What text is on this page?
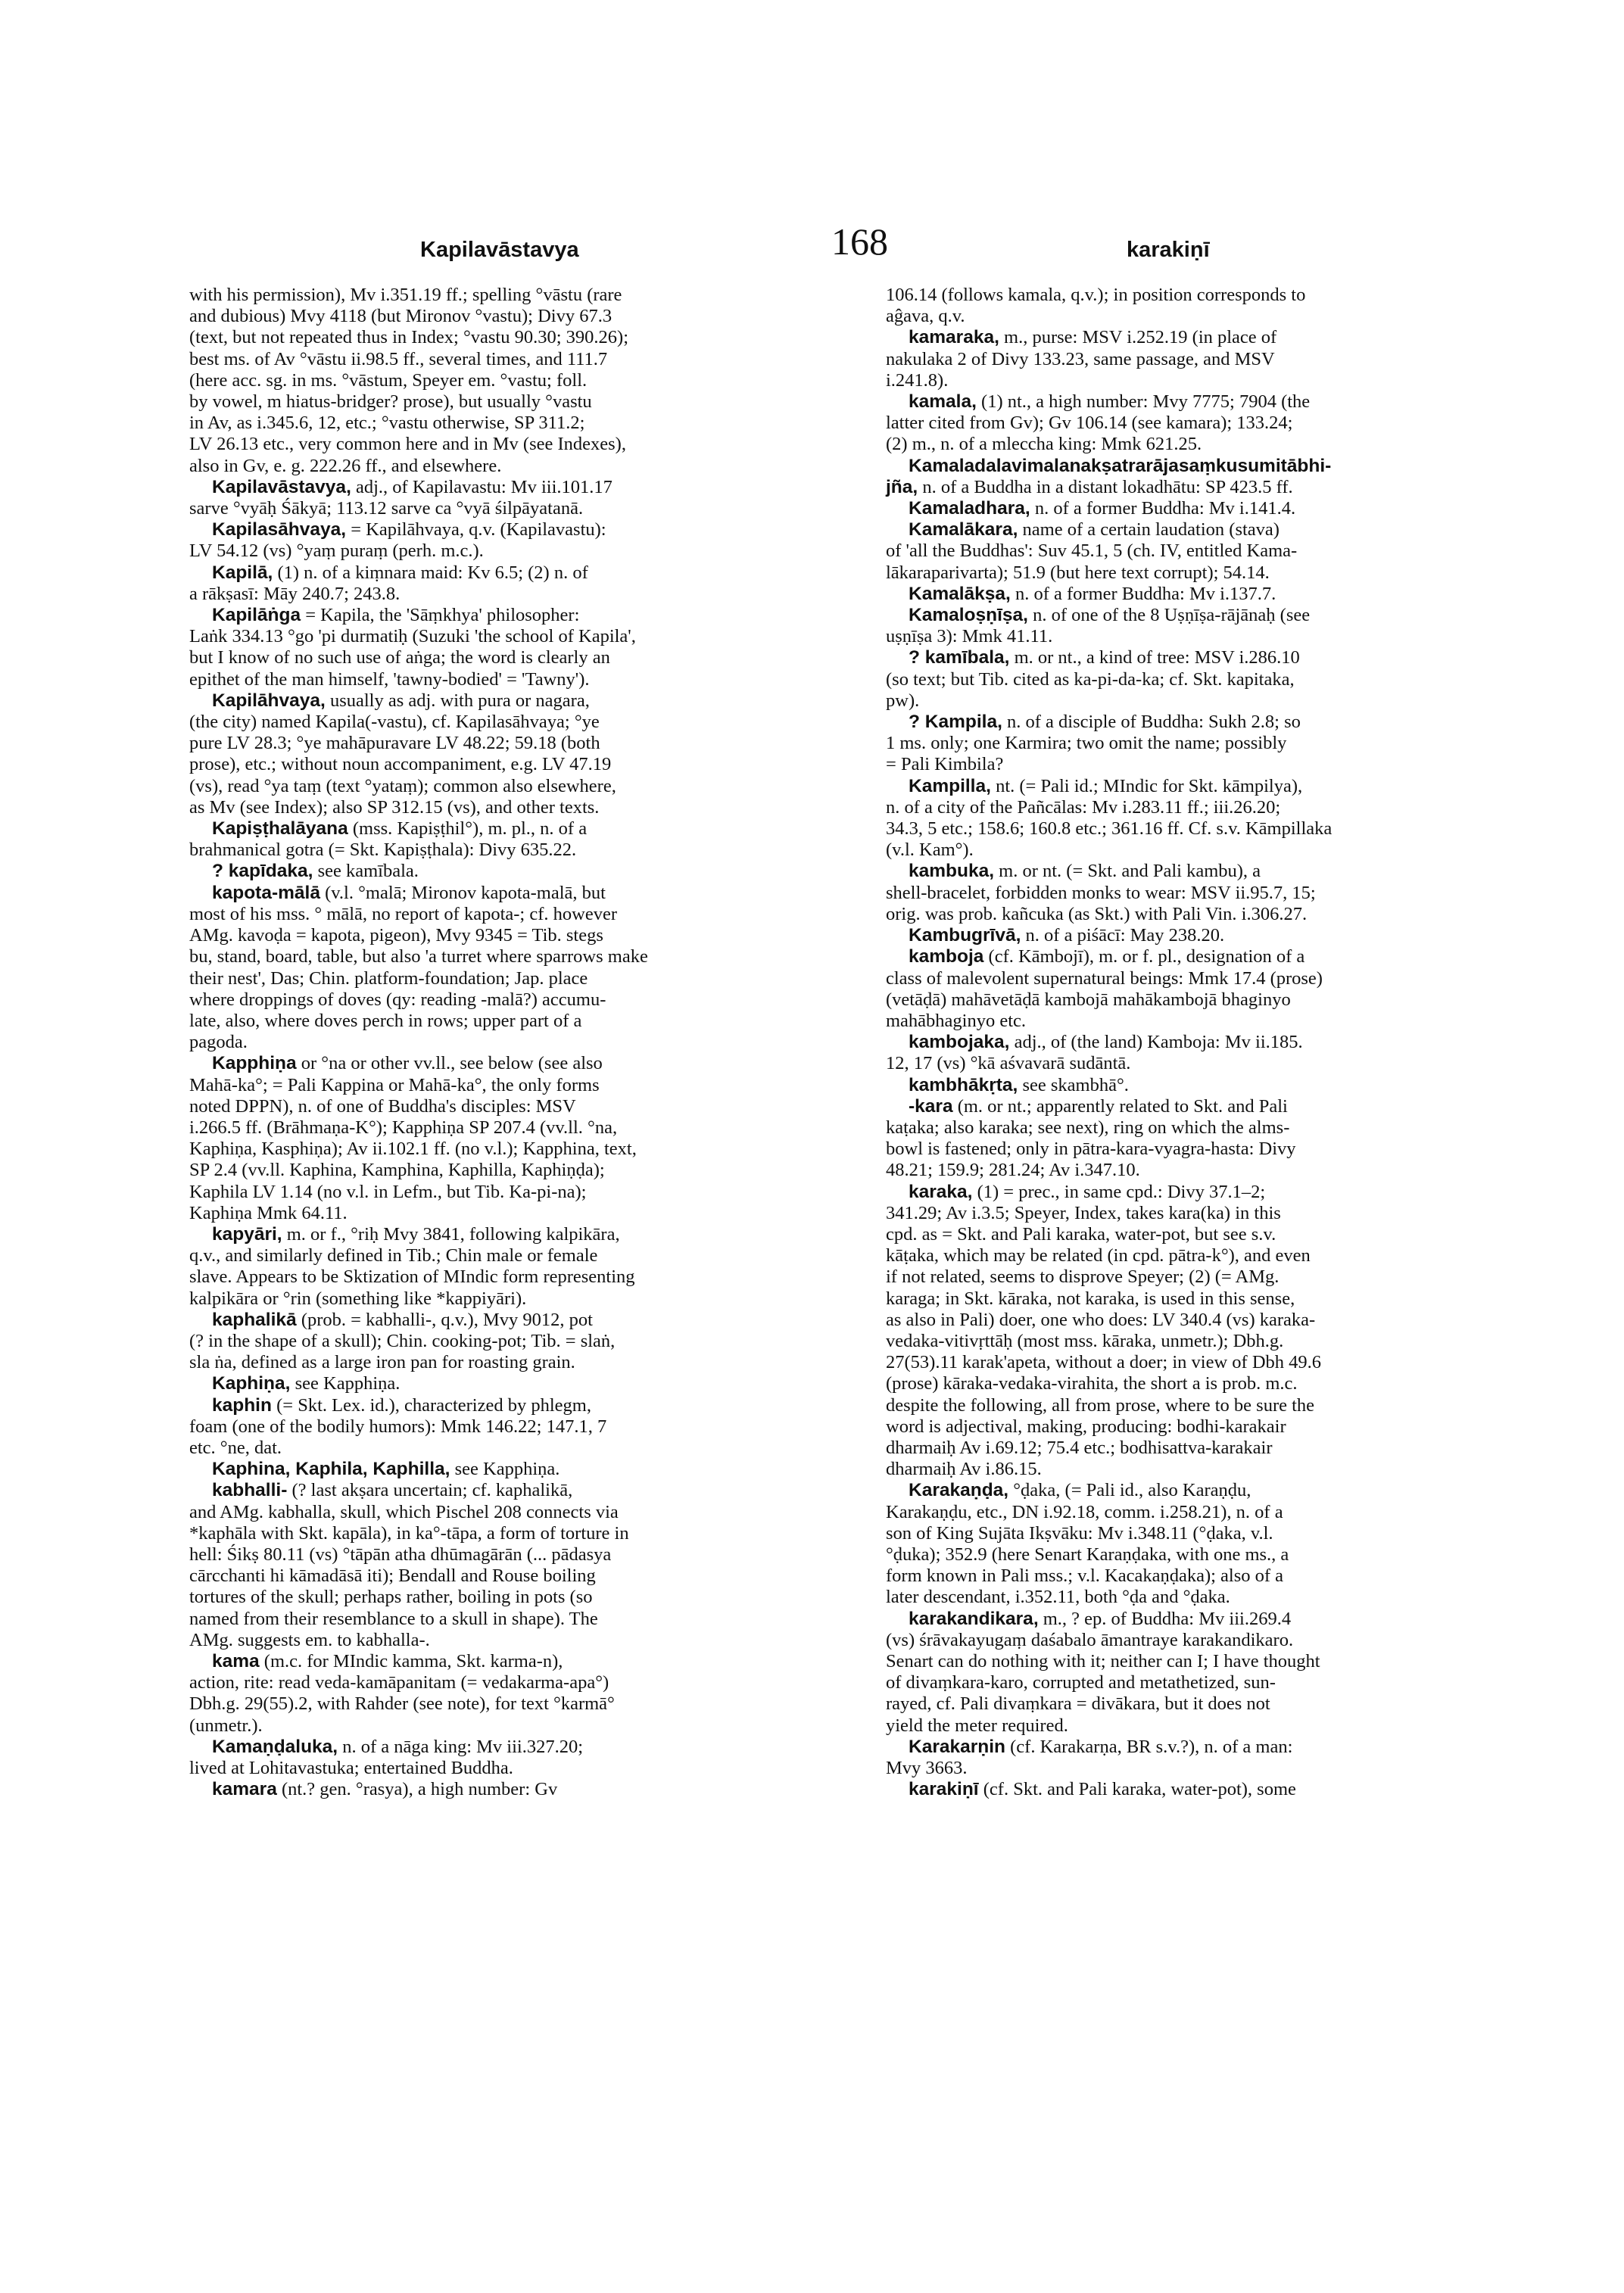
Kapilavāstavya	168	karakiṇī

with his permission), Mv i.351.19 ff.; spelling °vāstu (rare
and dubious) Mvy 4118 (but Mironov °vastu); Divy 67.3
(text, but not repeated thus in Index; °vastu 90.30; 390.26);
best ms. of Av °vāstu ii.98.5 ff., several times, and 111.7
(here acc. sg. in ms. °vāstum, Speyer em. °vastu; foll.
by vowel, m hiatus-bridger? prose), but usually °vastu
in Av, as i.345.6, 12, etc.; °vastu otherwise, SP 311.2;
LV 26.13 etc., very common here and in Mv (see Indexes),
also in Gv, e. g. 222.26 ff., and elsewhere.

Kapilavāstavya, adj., of Kapilavastu: Mv iii.101.17
sarve °vyāḥ Śākyā; 113.12 sarve ca °vyā śilpāyatanā.

Kapilasāhvaya, = Kapilāhvaya, q.v. (Kapilavastu):
LV 54.12 (vs) °yaṃ puraṃ (perh. m.c.).

Kapilā, (1) n. of a kiṃnara maid: Kv 6.5; (2) n. of
a rākṣasī: Māy 240.7; 243.8.

Kapilāṅga = Kapila, the 'Sāṃkhya' philosopher:
Laṅk 334.13 °go 'pi durmatiḥ (Suzuki 'the school of Kapila',
but I know of no such use of aṅga; the word is clearly an
epithet of the man himself, 'tawny-bodied' = 'Tawny').

Kapilāhvaya, usually as adj. with pura or nagara,
(the city) named Kapila(-vastu), cf. Kapilasāhvaya; °ye
pure LV 28.3; °ye mahāpuravare LV 48.22; 59.18 (both
prose), etc.; without noun accompaniment, e.g. LV 47.19
(vs), read °ya taṃ (text °yataṃ); common also elsewhere,
as Mv (see Index); also SP 312.15 (vs), and other texts.

Kapiṣṭhalāyana (mss. Kapiṣṭhil°), m. pl., n. of a
brahmanical gotra (= Skt. Kapiṣṭhala): Divy 635.22.

? kapīdaka, see kamībala.

kapota-mālā (v.l. °malā; Mironov kapota-malā, but
most of his mss. ° mālā, no report of kapota-; cf. however
AMg. kavoḍa = kapota, pigeon), Mvy 9345 = Tib. stegs
bu, stand, board, table, but also 'a turret where sparrows make
their nest', Das; Chin. platform-foundation; Jap. place
where droppings of doves (qy: reading -malā?) accumu-
late, also, where doves perch in rows; upper part of a
pagoda.

Kapphiṇa or °na or other vv.ll., see below (see also
Mahā-ka°; = Pali Kappina or Mahā-ka°, the only forms
noted DPPN), n. of one of Buddha's disciples: MSV
i.266.5 ff. (Brāhmaṇa-K°); Kapphiṇa SP 207.4 (vv.ll. °na,
Kaphiṇa, Kasphiṇa); Av ii.102.1 ff. (no v.l.); Kapphina, text,
SP 2.4 (vv.ll. Kaphina, Kamphina, Kaphilla, Kaphiṇḍa);
Kaphila LV 1.14 (no v.l. in Lefm., but Tib. Ka-pi-na);
Kaphiṇa Mmk 64.11.

kapyāri, m. or f., °riḥ Mvy 3841, following kalpikāra,
q.v., and similarly defined in Tib.; Chin male or female
slave. Appears to be Sktization of MIndic form representing
kalpikāra or °rin (something like *kappiyāri).

kaphalikā (prob. = kabhalli-, q.v.), Mvy 9012, pot
(? in the shape of a skull); Chin. cooking-pot; Tib. = slaṅ,
sla ṅa, defined as a large iron pan for roasting grain.

Kaphiṇa, see Kapphiṇa.

kaphin (= Skt. Lex. id.), characterized by phlegm,
foam (one of the bodily humors): Mmk 146.22; 147.1, 7
etc. °ne, dat.

Kaphina, Kaphila, Kaphilla, see Kapphiṇa.

kabhalli- (? last akṣara uncertain; cf. kaphalikā,
and AMg. kabhalla, skull, which Pischel 208 connects via
*kaphāla with Skt. kapāla), in ka°-tāpa, a form of torture in
hell: Śikṣ 80.11 (vs) °tāpān atha dhūmagārān (... pādasya
cārcchanti hi kāmadāsā iti); Bendall and Rouse boiling
tortures of the skull; perhaps rather, boiling in pots (so
named from their resemblance to a skull in shape). The
AMg. suggests em. to kabhalla-.

kama (m.c. for MIndic kamma, Skt. karma-n),
action, rite: read veda-kamāpanitam (= vedakarma-apa°)
Dbh.g. 29(55).2, with Rahder (see note), for text °karmā°
(unmetr.).

Kamaṇḍaluka, n. of a nāga king: Mv iii.327.20;
lived at Lohitavastuka; entertained Buddha.

kamara (nt.? gen. °rasya), a high number: Gv

106.14 (follows kamala, q.v.); in position corresponds to
aĝava, q.v.

kamaraka, m., purse: MSV i.252.19 (in place of
nakulaka 2 of Divy 133.23, same passage, and MSV
i.241.8).

kamala, (1) nt., a high number: Mvy 7775; 7904 (the
latter cited from Gv); Gv 106.14 (see kamara); 133.24;
(2) m., n. of a mleccha king: Mmk 621.25.

Kamaladalavimalanakṣatrarājasaṃkusumitābhi-
jña, n. of a Buddha in a distant lokadhātu: SP 423.5 ff.

Kamaladhara, n. of a former Buddha: Mv i.141.4.

Kamalākara, name of a certain laudation (stava)
of 'all the Buddhas': Suv 45.1, 5 (ch. IV, entitled Kama-
lākaraparivarta); 51.9 (but here text corrupt); 54.14.

Kamalākṣa, n. of a former Buddha: Mv i.137.7.

Kamaloṣṇīṣa, n. of one of the 8 Uṣṇīṣa-rājānaḥ (see
uṣṇīṣa 3): Mmk 41.11.

? kamībala, m. or nt., a kind of tree: MSV i.286.10
(so text; but Tib. cited as ka-pi-da-ka; cf. Skt. kapitaka,
pw).

? Kampila, n. of a disciple of Buddha: Sukh 2.8; so
1 ms. only; one Karmira; two omit the name; possibly
= Pali Kimbila?

Kampilla, nt. (= Pali id.; MIndic for Skt. kāmpilya),
n. of a city of the Pañcālas: Mv i.283.11 ff.; iii.26.20;
34.3, 5 etc.; 158.6; 160.8 etc.; 361.16 ff. Cf. s.v. Kāmpillaka
(v.l. Kam°).

kambuka, m. or nt. (= Skt. and Pali kambu), a
shell-bracelet, forbidden monks to wear: MSV ii.95.7, 15;
orig. was prob. kañcuka (as Skt.) with Pali Vin. i.306.27.

Kambugrīvā, n. of a piśācī: May 238.20.

kamboja (cf. Kāmbojī), m. or f. pl., designation of a
class of malevolent supernatural beings: Mmk 17.4 (prose)
(vetāḍā) mahāvetāḍā kambojā mahākambojā bhaginyo
mahābhaginyo etc.

kambojaka, adj., of (the land) Kamboja: Mv ii.185.
12, 17 (vs) °kā aśvavarā sudāntā.

kambhākṛta, see skambhā°.

-kara (m. or nt.; apparently related to Skt. and Pali
kaṭaka; also karaka; see next), ring on which the alms-
bowl is fastened; only in pātra-kara-vyagra-hasta: Divy
48.21; 159.9; 281.24; Av i.347.10.

karaka, (1) = prec., in same cpd.: Divy 37.1–2;
341.29; Av i.3.5; Speyer, Index, takes kara(ka) in this
cpd. as = Skt. and Pali karaka, water-pot, but see s.v.
kāṭaka, which may be related (in cpd. pātra-k°), and even
if not related, seems to disprove Speyer; (2) (= AMg.
karaga; in Skt. kāraka, not karaka, is used in this sense,
as also in Pali) doer, one who does: LV 340.4 (vs) karaka-
vedaka-vitivṛttāḥ (most mss. kāraka, unmetr.); Dbh.g.
27(53).11 karak'apeta, without a doer; in view of Dbh 49.6
(prose) kāraka-vedaka-virahita, the short a is prob. m.c.
despite the following, all from prose, where to be sure the
word is adjectival, making, producing: bodhi-karakair
dharmaiḥ Av i.69.12; 75.4 etc.; bodhisattva-karakair
dharmaiḥ Av i.86.15.

Karakaṇḍa, °ḍaka, (= Pali id., also Karaṇḍu,
Karakaṇḍu, etc., DN i.92.18, comm. i.258.21), n. of a
son of King Sujāta Ikṣvāku: Mv i.348.11 (°ḍaka, v.l.
°ḍuka); 352.9 (here Senart Karaṇḍaka, with one ms., a
form known in Pali mss.; v.l. Kacakaṇḍaka); also of a
later descendant, i.352.11, both °ḍa and °ḍaka.

karakandikara, m., ? ep. of Buddha: Mv iii.269.4
(vs) śrāvakayugaṃ daśabalo āmantraye karakandikaro.
Senart can do nothing with it; neither can I; I have thought
of divaṃkara-karo, corrupted and metathetized, sun-
rayed, cf. Pali divaṃkara = divākara, but it does not
yield the meter required.

Karakarṇin (cf. Karakarṇa, BR s.v.?), n. of a man:
Mvy 3663.

karakiṇī (cf. Skt. and Pali karaka, water-pot), some
